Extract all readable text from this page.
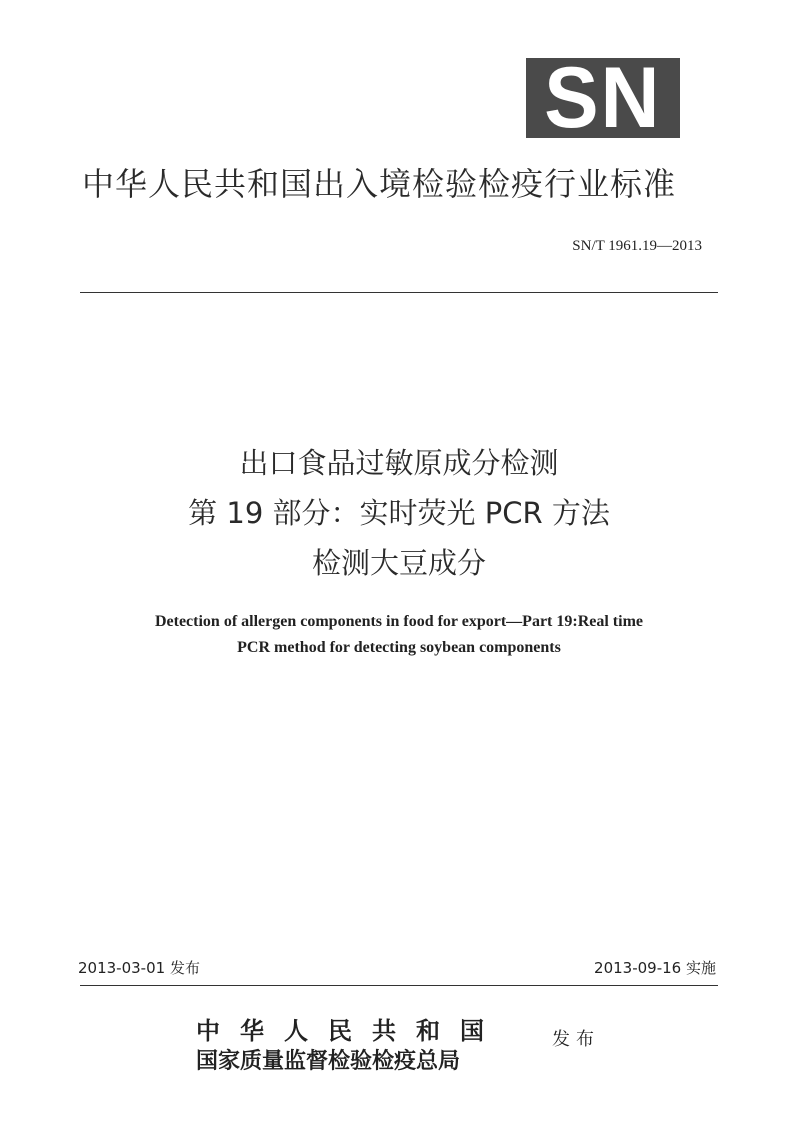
SN
中华人民共和国出入境检验检疫行业标准
SN/T 1961.19—2013
出口食品过敏原成分检测
第 19 部分：实时荧光 PCR 方法
检测大豆成分
Detection of allergen components in food for export—Part 19:Real time
PCR method for detecting soybean components
2013-03-01 发布	2013-09-16 实施
中华人民共和国
国家质量监督检验检疫总局
发布
